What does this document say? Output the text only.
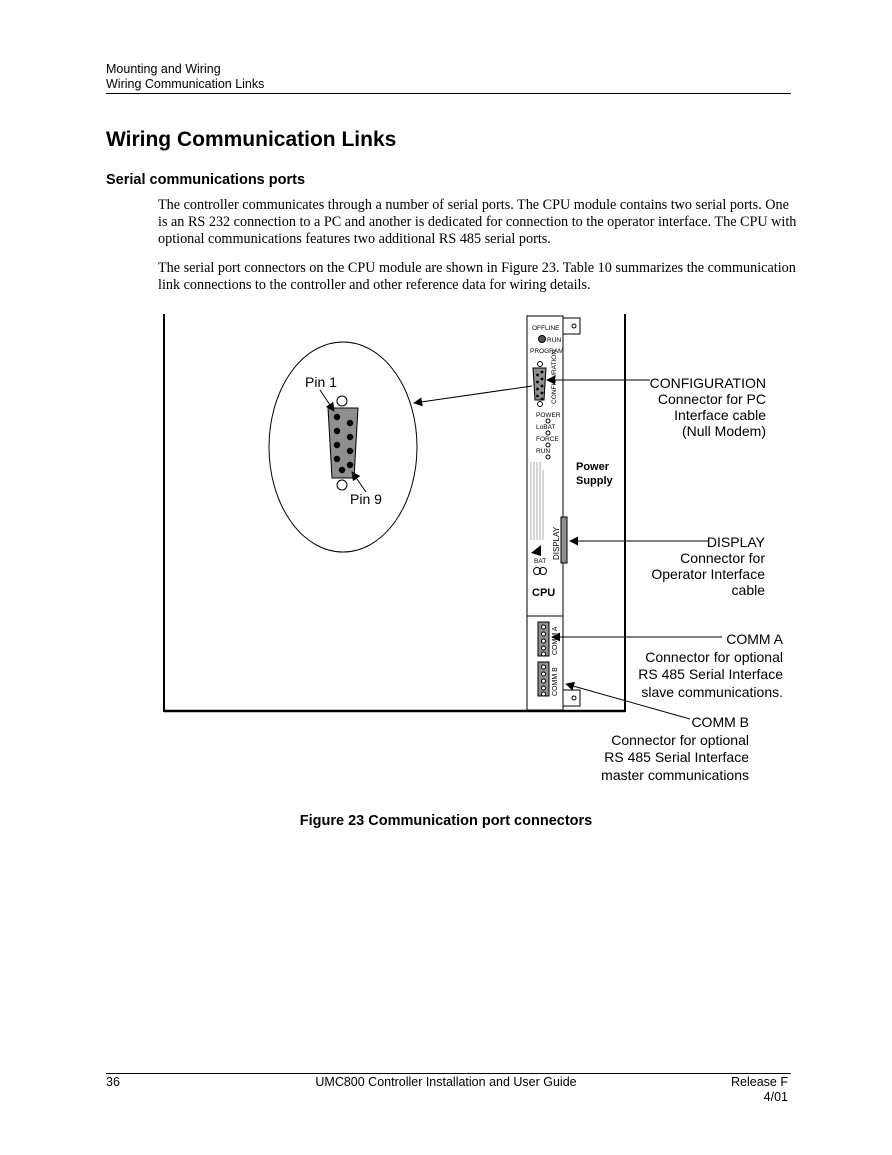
Mounting and Wiring
Wiring Communication Links
Wiring Communication Links
Serial communications ports

The controller communicates through a number of serial ports. The CPU module contains two serial ports. One is an RS 232 connection to a PC and another is dedicated for connection to the operator interface. The CPU with optional communications features two additional RS 485 serial ports.

The serial port connectors on the CPU module are shown in Figure 23. Table 10 summarizes the communication link connections to the controller and other reference data for wiring details.

OFFLINE
RUN
PROGRAM
CONFIGURATION
POWER
LoBAT
FORCE
RUN
DISPLAY
BAT
CPU
COMM A
COMM B
Power
Supply
Pin 1
Pin 9
CONFIGURATION
Connector for PC
Interface cable
(Null Modem)
DISPLAY
Connector for
Operator Interface
cable
COMM A
Connector for optional
RS 485 Serial Interface
slave communications.
COMM B
Connector for optional
RS 485 Serial Interface
master communications

Figure 23 Communication port connectors

36	UMC800 Controller Installation and User Guide	Release F
4/01
